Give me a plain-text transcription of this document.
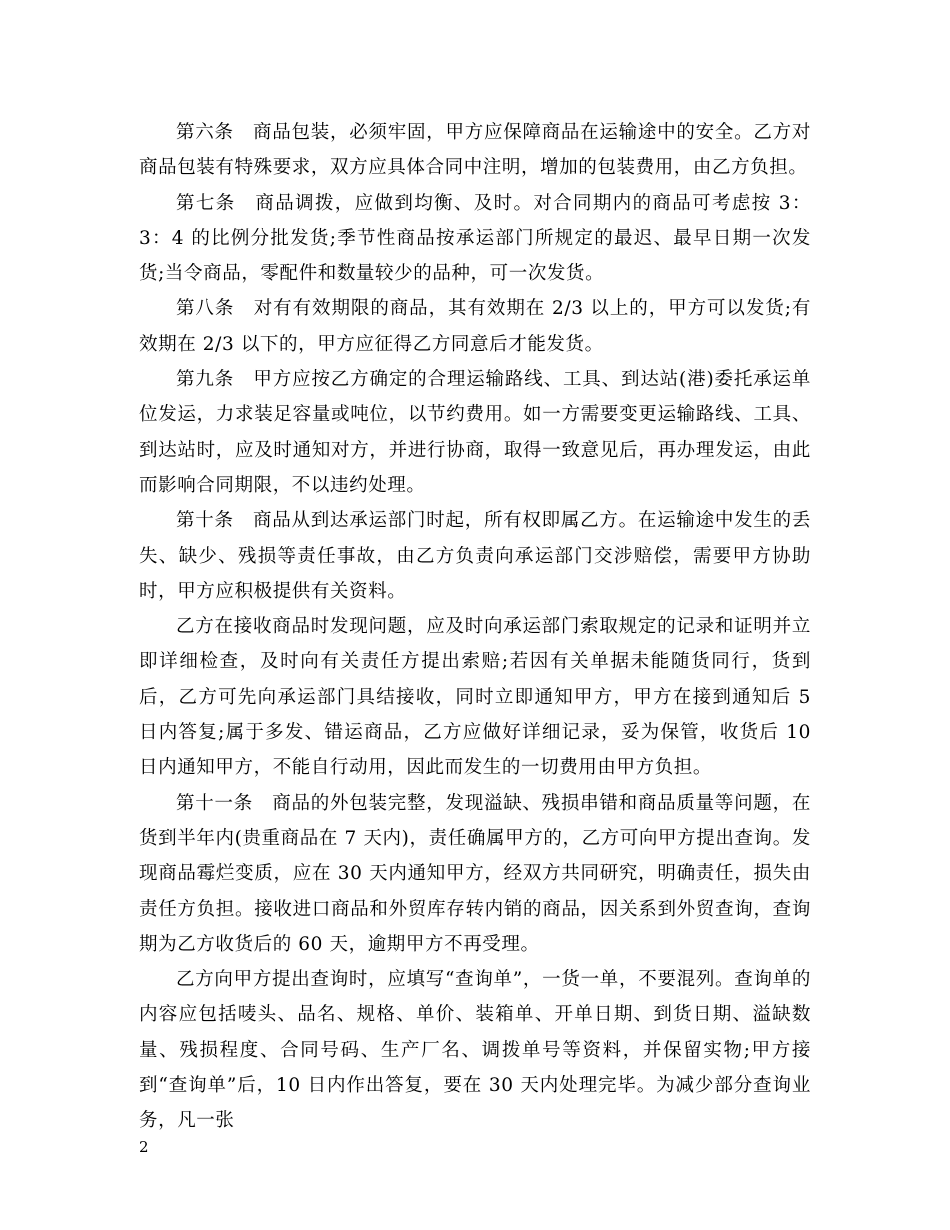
第六条　商品包装，必须牢固，甲方应保障商品在运输途中的安全。乙方对商品包装有特殊要求，双方应具体合同中注明，增加的包装费用，由乙方负担。

第七条　商品调拨，应做到均衡、及时。对合同期内的商品可考虑按 3：3：4 的比例分批发货;季节性商品按承运部门所规定的最迟、最早日期一次发货;当令商品，零配件和数量较少的品种，可一次发货。

第八条　对有有效期限的商品，其有效期在 2/3 以上的，甲方可以发货;有效期在 2/3 以下的，甲方应征得乙方同意后才能发货。

第九条　甲方应按乙方确定的合理运输路线、工具、到达站(港)委托承运单位发运，力求装足容量或吨位，以节约费用。如一方需要变更运输路线、工具、到达站时，应及时通知对方，并进行协商，取得一致意见后，再办理发运，由此而影响合同期限，不以违约处理。

第十条　商品从到达承运部门时起，所有权即属乙方。在运输途中发生的丢失、缺少、残损等责任事故，由乙方负责向承运部门交涉赔偿，需要甲方协助时，甲方应积极提供有关资料。

乙方在接收商品时发现问题，应及时向承运部门索取规定的记录和证明并立即详细检查，及时向有关责任方提出索赔;若因有关单据未能随货同行，货到后，乙方可先向承运部门具结接收，同时立即通知甲方，甲方在接到通知后 5 日内答复;属于多发、错运商品，乙方应做好详细记录，妥为保管，收货后 10 日内通知甲方，不能自行动用，因此而发生的一切费用由甲方负担。

第十一条　商品的外包装完整，发现溢缺、残损串错和商品质量等问题，在货到半年内(贵重商品在 7 天内)，责任确属甲方的，乙方可向甲方提出查询。发现商品霉烂变质，应在 30 天内通知甲方，经双方共同研究，明确责任，损失由责任方负担。接收进口商品和外贸库存转内销的商品，因关系到外贸查询，查询期为乙方收货后的 60 天，逾期甲方不再受理。

乙方向甲方提出查询时，应填写“查询单”，一货一单，不要混列。查询单的内容应包括唛头、品名、规格、单价、装箱单、开单日期、到货日期、溢缺数量、残损程度、合同号码、生产厂名、调拨单号等资料，并保留实物;甲方接到“查询单”后，10 日内作出答复，要在 30 天内处理完毕。为减少部分查询业务，凡一张

2
